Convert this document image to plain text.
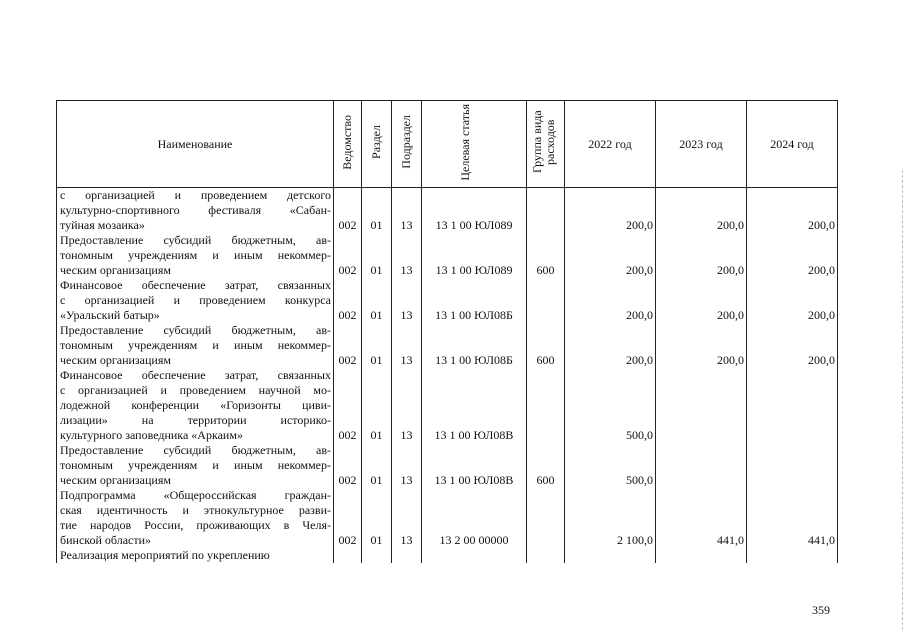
Наименование	Ведомство	Раздел	Подраздел	Целевая статья	Группа вида расходов	2022 год	2023 год	2024 год

с организацией и проведением детского
культурно-спортивного фестиваля «Сабан-
туйная мозаика»	002	01	13	13 1 00 ЮЛ089		200,0	200,0	200,0

Предоставление субсидий бюджетным, ав-
тономным учреждениям и иным некоммер-
ческим организациям	002	01	13	13 1 00 ЮЛ089	600	200,0	200,0	200,0

Финансовое обеспечение затрат, связанных
с организацией и проведением конкурса
«Уральский батыр»	002	01	13	13 1 00 ЮЛ08Б		200,0	200,0	200,0

Предоставление субсидий бюджетным, ав-
тономным учреждениям и иным некоммер-
ческим организациям	002	01	13	13 1 00 ЮЛ08Б	600	200,0	200,0	200,0

Финансовое обеспечение затрат, связанных
с организацией и проведением научной мо-
лодежной конференции «Горизонты циви-
лизации» на территории историко-
культурного заповедника «Аркаим»	002	01	13	13 1 00 ЮЛ08В		500,0		

Предоставление субсидий бюджетным, ав-
тономным учреждениям и иным некоммер-
ческим организациям	002	01	13	13 1 00 ЮЛ08В	600	500,0		

Подпрограмма «Общероссийская граждан-
ская идентичность и этнокультурное разви-
тие народов России, проживающих в Челя-
бинской области»	002	01	13	13 2 00 00000		2 100,0	441,0	441,0

Реализация мероприятий по укреплению								

359
